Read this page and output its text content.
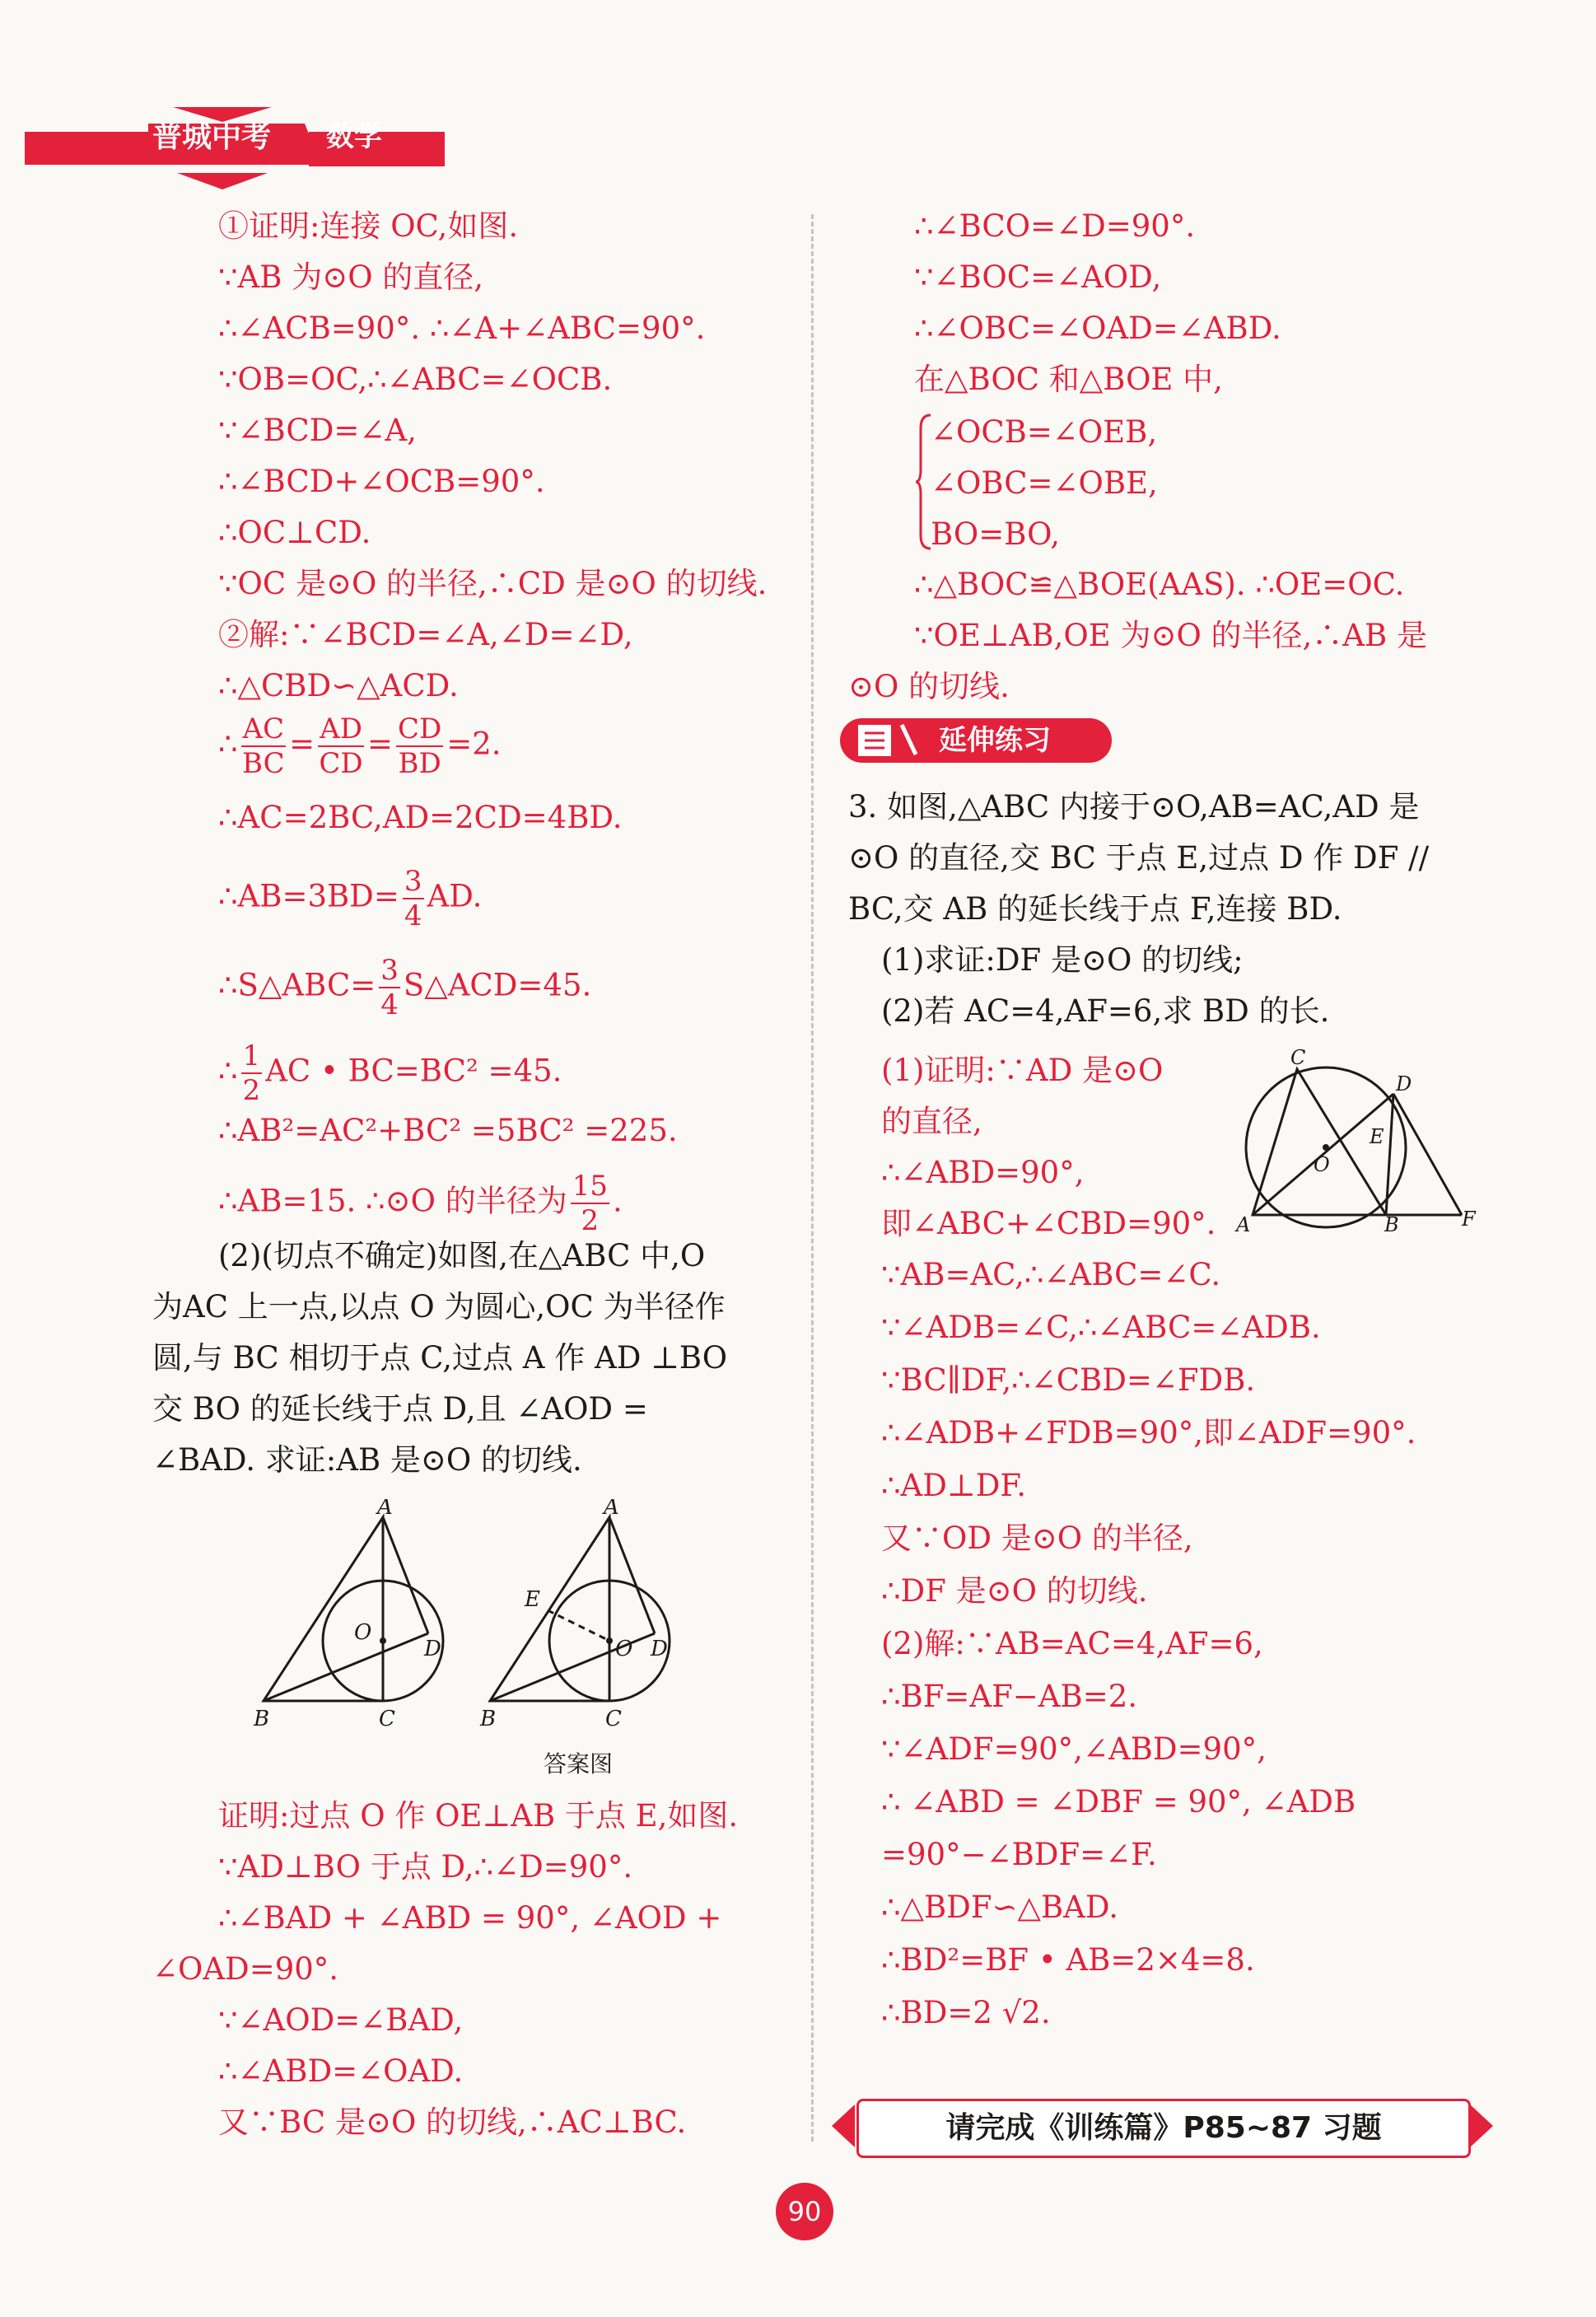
普城中考 数学
①证明:连接 OC,如图.
∵AB 为⊙O 的直径,
∴∠ACB=90°. ∴∠A+∠ABC=90°.
∵OB=OC,∴∠ABC=∠OCB.
∵∠BCD=∠A,
∴∠BCD+∠OCB=90°.
∴OC⊥CD.
∵OC 是⊙O 的半径,∴CD 是⊙O 的切线.
②解:∵∠BCD=∠A,∠D=∠D,
∴△CBD∽△ACD.
∴ $\frac{AC}{BC} = \frac{AD}{CD} = \frac{CD}{BD} =2$.
∴AC=2BC,AD=2CD=4BD.
∴AB=3BD= $\frac{3}{4}$ AD.
∴S△ABC= $\frac{3}{4}$ S△ACD=45.
∴ $\frac{1}{2}$ AC • BC=BC² =45.
∴AB²=AC²+BC² =5BC² =225.
∴AB=15. ∴⊙O 的半径为 $\frac{15}{2}$ .
(2)(切点不确定)如图,在△ABC 中,O
为AC 上一点,以点 O 为圆心,OC 为半径作
圆,与 BC 相切于点 C,过点 A 作 AD ⊥BO
交 BO 的延长线于点 D,且 ∠AOD =
∠BAD. 求证:AB 是⊙O 的切线.
A
B	C
D
O
A
B	C
D
O
E
答案图
证明:过点 O 作 OE⊥AB 于点 E,如图.
∵AD⊥BO 于点 D,∴∠D=90°.
∴∠BAD + ∠ABD = 90°, ∠AOD +
∠OAD=90°.
∵∠AOD=∠BAD,
∴∠ABD=∠OAD.
又∵BC 是⊙O 的切线,∴AC⊥BC.
∴∠BCO=∠D=90°.
∵∠BOC=∠AOD,
∴∠OBC=∠OAD=∠ABD.
在△BOC 和△BOE 中,
∠OCB=∠OEB,
∠OBC=∠OBE,
BO=BO,
∴△BOC≌△BOE(AAS). ∴OE=OC.
∵OE⊥AB,OE 为⊙O 的半径,∴AB 是
⊙O 的切线.
延伸练习
3. 如图,△ABC 内接于⊙O,AB=AC,AD 是
⊙O 的直径,交 BC 于点 E,过点 D 作 DF //
BC,交 AB 的延长线于点 F,连接 BD.
(1)求证:DF 是⊙O 的切线;
(2)若 AC=4,AF=6,求 BD 的长.
(1)证明:∵AD 是⊙O
的直径,
∴∠ABD=90°,
即∠ABC+∠CBD=90°.
C
D
E
O
A	B	F
∵AB=AC,∴∠ABC=∠C.
∵∠ADB=∠C,∴∠ABC=∠ADB.
∵BC∥DF,∴∠CBD=∠FDB.
∴∠ADB+∠FDB=90°,即∠ADF=90°.
∴AD⊥DF.
又∵OD 是⊙O 的半径,
∴DF 是⊙O 的切线.
(2)解:∵AB=AC=4,AF=6,
∴BF=AF−AB=2.
∵∠ADF=90°,∠ABD=90°,
∴ ∠ABD = ∠DBF = 90°, ∠ADB
=90°−∠BDF=∠F.
∴△BDF∽△BAD.
∴BD²=BF • AB=2×4=8.
∴BD=2 √2.
请完成《训练篇》P85~87 习题
90
